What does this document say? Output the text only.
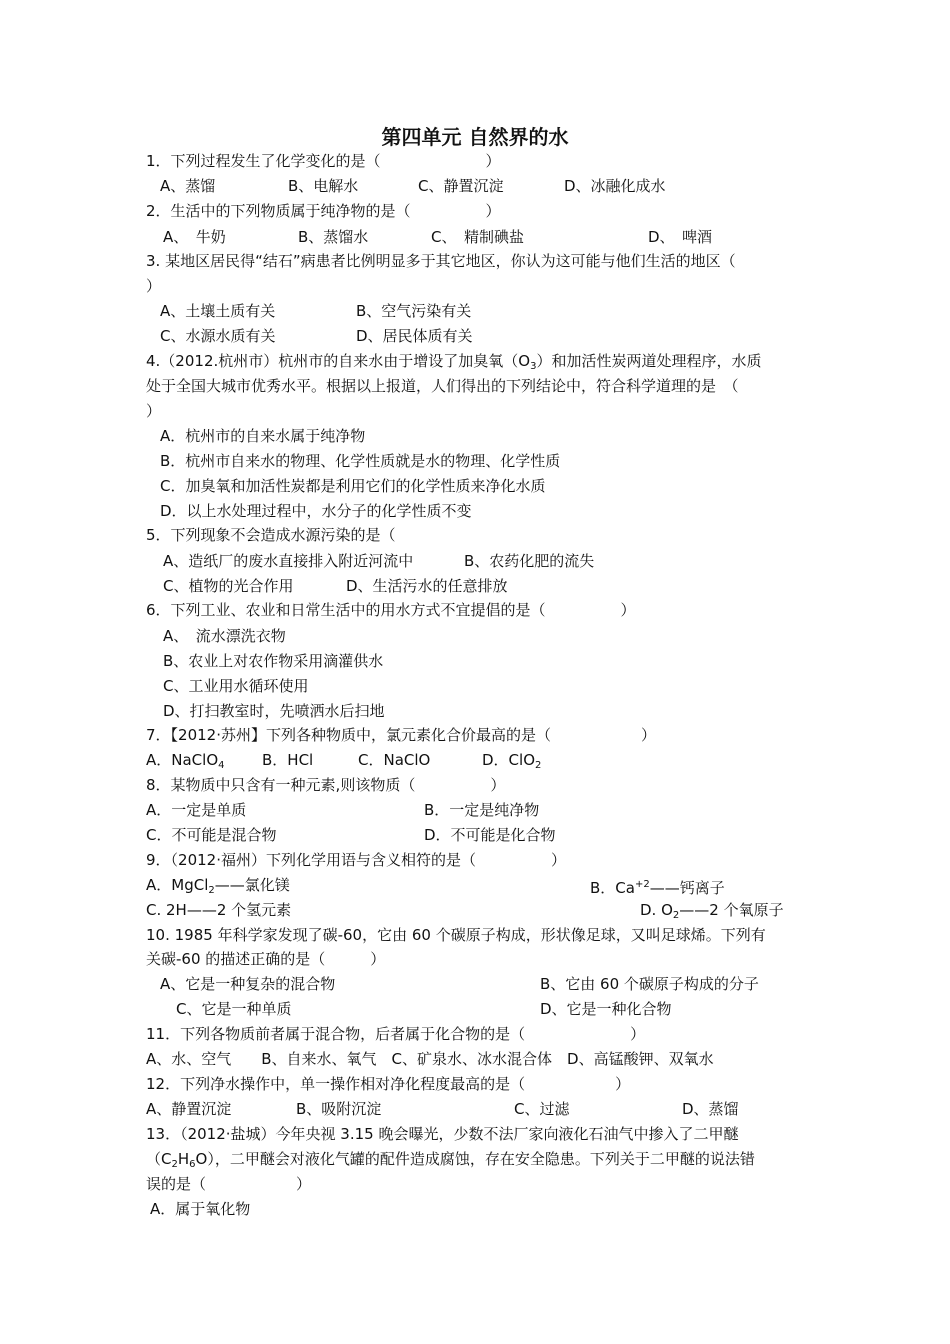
第四单元 自然界的水
1．下列过程发生了化学变化的是（　　　　　　　）
A、蒸馏	B、电解水	C、静置沉淀	D、冰融化成水
2．生活中的下列物质属于纯净物的是（　　　　　）
A、　牛奶	B、蒸馏水	C、　精制碘盐	D、　啤酒
3. 某地区居民得“结石”病患者比例明显多于其它地区，你认为这可能与他们生活的地区（
）
A、土壤土质有关	B、空气污染有关
C、水源水质有关	D、居民体质有关
4.（2012.杭州市）杭州市的自来水由于增设了加臭氧$(O_3)$和加活性炭两道处理程序，水质
处于全国大城市优秀水平。根据以上报道，人们得出的下列结论中，符合科学道理的是　（
）
A．杭州市的自来水属于纯净物
B．杭州市自来水的物理、化学性质就是水的物理、化学性质
C．加臭氧和加活性炭都是利用它们的化学性质来净化水质
D．以上水处理过程中，水分子的化学性质不变
5．下列现象不会造成水源污染的是（
A、造纸厂的废水直接排入附近河流中	B、农药化肥的流失
C、植物的光合作用	D、生活污水的任意排放
6．下列工业、农业和日常生活中的用水方式不宜提倡的是（　　　　　）
A、　流水漂洗衣物
B、农业上对农作物采用滴灌供水
C、工业用水循环使用
D、打扫教室时，先喷洒水后扫地
7．【2012·苏州】下列各种物质中，氯元素化合价最高的是（　　　　　　）
A．NaClO$_4$	B．HCl	C．NaClO	D．ClO$_2$
8．某物质中只含有一种元素,则该物质（　　　　　）
A．一定是单质	B．一定是纯净物
C．不可能是混合物	D．不可能是化合物
9．（2012·福州）下列化学用语与含义相符的是（　　　　　）
A．MgCl$_2$——氯化镁	B．$Ca^{+2}——$钙离子
C. 2H——2 个氢元素	D. $O_2——2$ 个氧原子
10. 1985 年科学家发现了碳-60，它由 60 个碳原子构成，形状像足球，又叫足球烯。下列有
关碳-60 的描述正确的是（　　　）
A、它是一种复杂的混合物	B、它由 60 个碳原子构成的分子
C、它是一种单质	D、它是一种化合物
11．下列各物质前者属于混合物，后者属于化合物的是（　　　　　　　）
A、水、空气　　B、自来水、氧气　C、矿泉水、冰水混合体　D、高锰酸钾、双氧水
12．下列净水操作中，单一操作相对净化程度最高的是（　　　　　　）
A、静置沉淀	B、吸附沉淀	C、过滤	D、蒸馏
13．（2012·盐城）今年央视 3.15 晚会曝光，少数不法厂家向液化石油气中掺入了二甲醚
$(C_2H_6O)$，二甲醚会对液化气罐的配件造成腐蚀，存在安全隐患。下列关于二甲醚的说法错
误的是（　　　　　　）
A．属于氧化物
